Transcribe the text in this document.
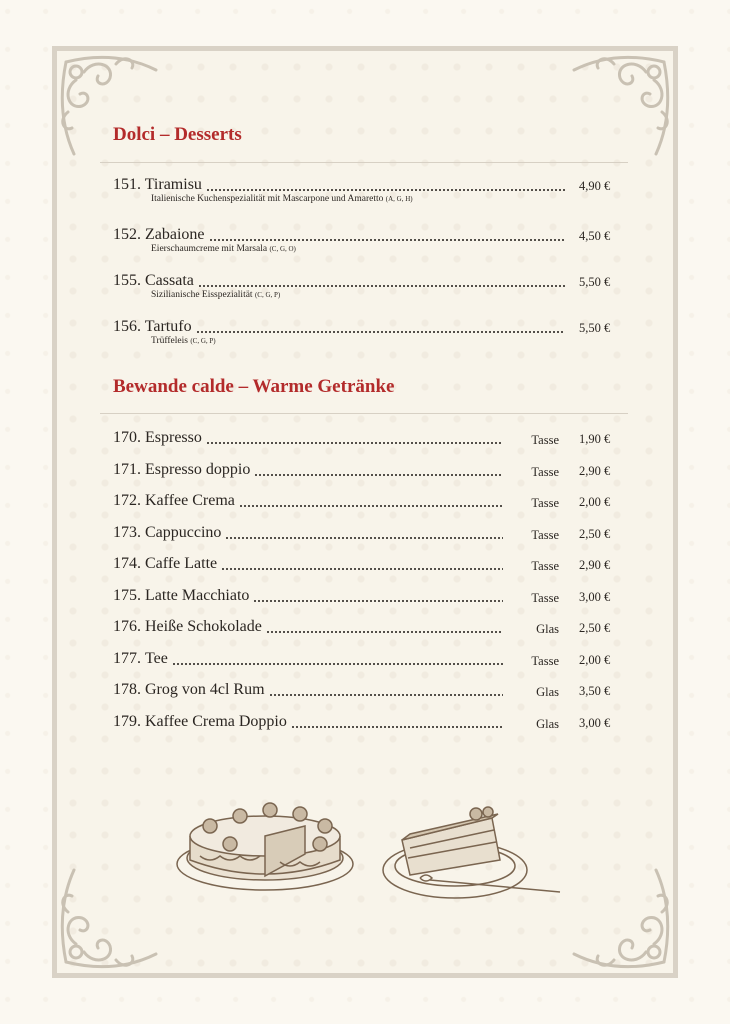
Dolci – Desserts
151. Tiramisu	4,90 €
Italienische Kuchenspezialität mit Mascarpone und Amaretto (A, G, H)
152. Zabaione	4,50 €
Eierschaumcreme mit Marsala (C, G, O)
155. Cassata	5,50 €
Sizilianische Eisspezialität (C, G, P)
156. Tartufo	5,50 €
Trüffeleis (C, G, P)
Bewande calde – Warme Getränke
170. Espresso	Tasse 1,90 €
171. Espresso doppio	Tasse 2,90 €
172. Kaffee Crema	Tasse 2,00 €
173. Cappuccino	Tasse 2,50 €
174. Caffe Latte	Tasse 2,90 €
175. Latte Macchiato	Tasse 3,00 €
176. Heiße Schokolade	Glas 2,50 €
177. Tee	Tasse 2,00 €
178. Grog von 4cl Rum	Glas 3,50 €
179. Kaffee Crema Doppio	Glas 3,00 €
